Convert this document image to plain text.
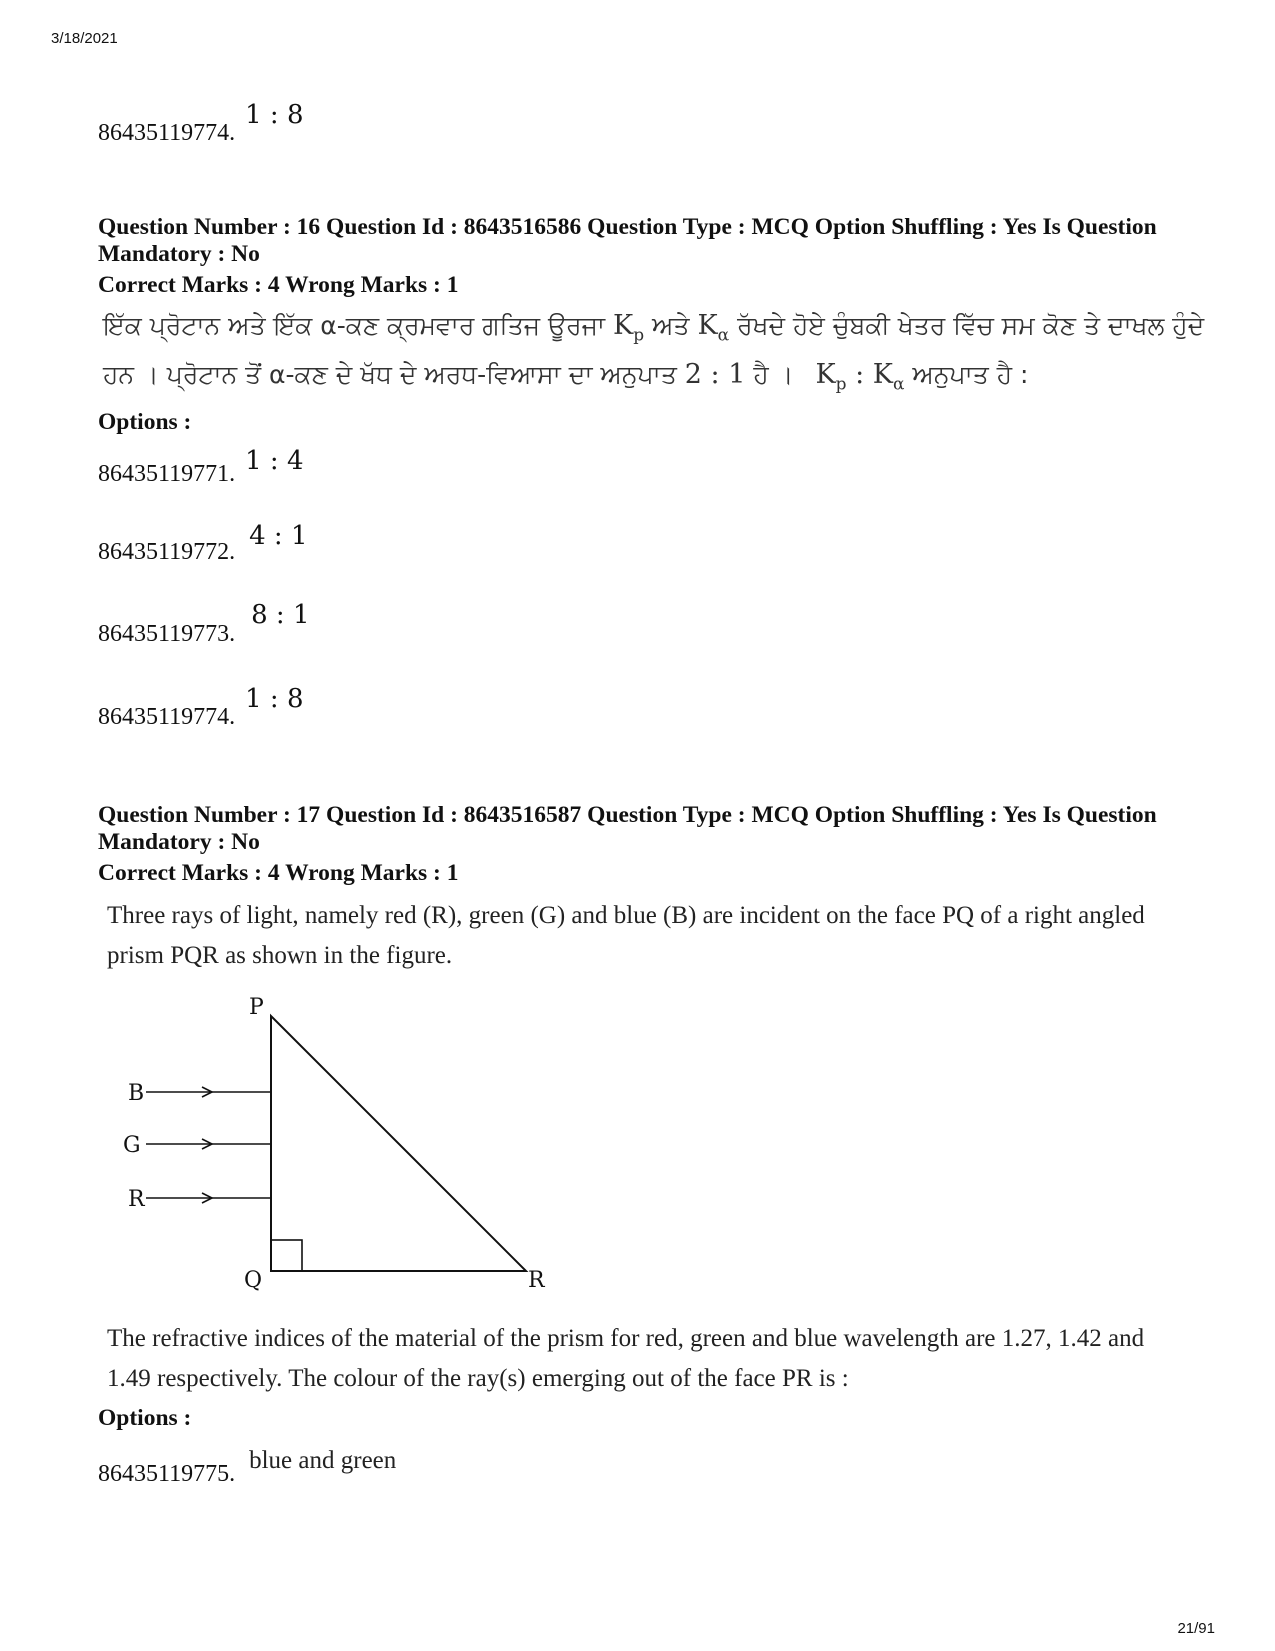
3/18/2021
86435119774. 1 : 8
Question Number : 16 Question Id : 8643516586 Question Type : MCQ Option Shuffling : Yes Is Question Mandatory : No
Correct Marks : 4 Wrong Marks : 1
ਇੱਕ ਪ੍ਰੋਟਾਨ ਅਤੇ ਇੱਕ α-ਕਣ ਕ੍ਰਮਵਾਰ ਗਤਿਜ ਊਰਜਾ $K_p$ ਅਤੇ $K_\alpha$ ਰੱਖਦੇ ਹੋਏ ਚੁੰਬਕੀ ਖੇਤਰ ਵਿੱਚ ਸਮ ਕੋਣ ਤੇ ਦਾਖਲ ਹੁੰਦੇ
ਹਨ । ਪ੍ਰੋਟਾਨ ਤੋਂ α-ਕਣ ਦੇ ਖੱਧ ਦੇ ਅਰਧ-ਵਿਆਸਾ ਦਾ ਅਨੁਪਾਤ 2 : 1 ਹੈ । $K_p$ : $K_\alpha$ ਅਨੁਪਾਤ ਹੈ :
Options :
86435119771. 1 : 4
86435119772. 4 : 1
86435119773. 8 : 1
86435119774. 1 : 8
Question Number : 17 Question Id : 8643516587 Question Type : MCQ Option Shuffling : Yes Is Question Mandatory : No
Correct Marks : 4 Wrong Marks : 1
Three rays of light, namely red (R), green (G) and blue (B) are incident on the face PQ of a right angled prism PQR as shown in the figure.
P
Q	R
B
G
R
The refractive indices of the material of the prism for red, green and blue wavelength are 1.27, 1.42 and 1.49 respectively. The colour of the ray(s) emerging out of the face PR is :
Options :
86435119775. blue and green
21/91
